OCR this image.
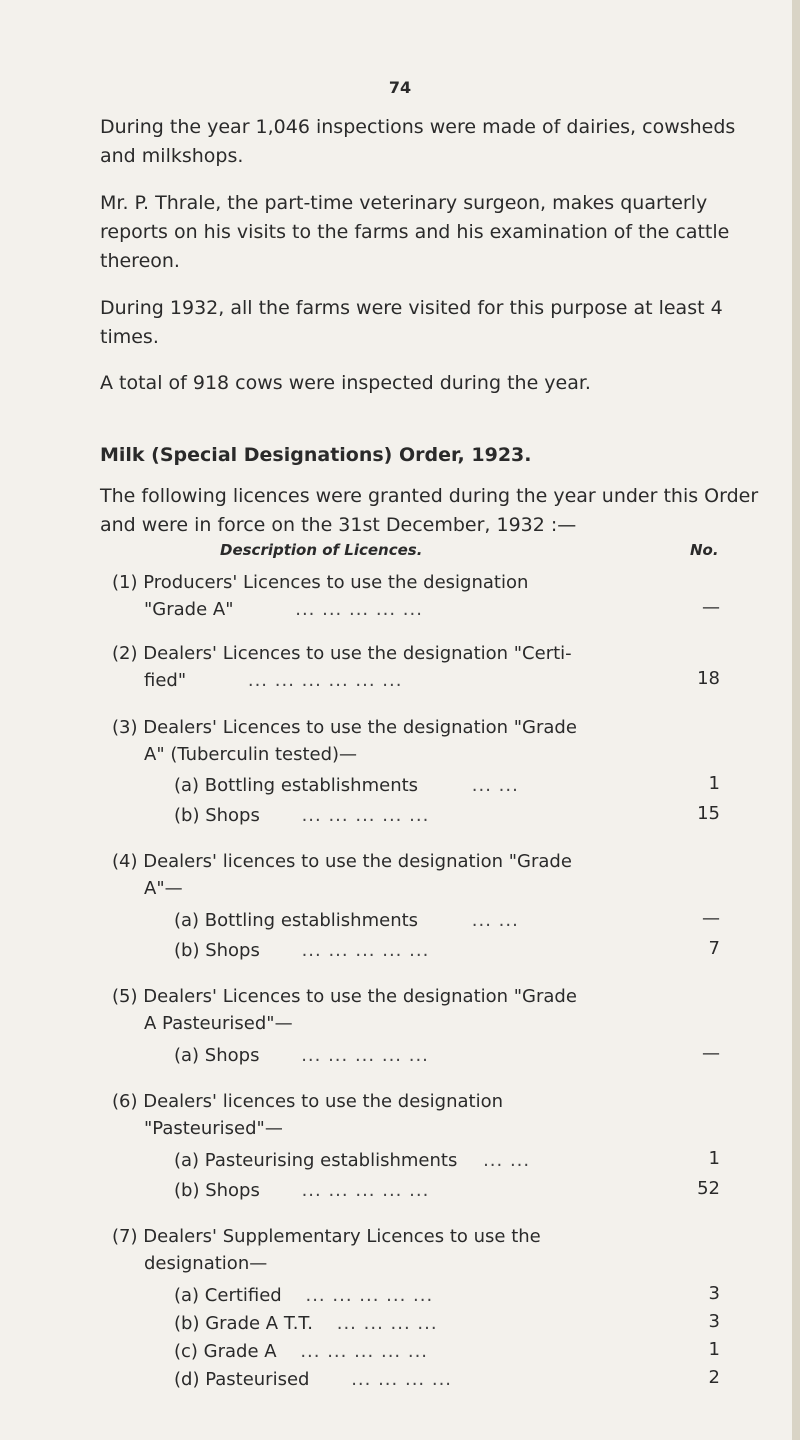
74

During the year 1,046 inspections were made of dairies, cowsheds and milkshops.

Mr. P. Thrale, the part-time veterinary surgeon, makes quarterly reports on his visits to the farms and his examination of the cattle thereon.

During 1932, all the farms were visited for this purpose at least 4 times.

A total of 918 cows were inspected during the year.

Milk (Special Designations) Order, 1923.

The following licences were granted during the year under this Order and were in force on the 31st December, 1932 :—

Description of Licences.	No.
(1) Producers' Licences to use the designation
"Grade A"	... ... ... ... ...	—
(2) Dealers' Licences to use the designation "Certi-
fied"	... ... ... ... ... ...	18
(3) Dealers' Licences to use the designation "Grade
A" (Tuberculin tested)—
(a) Bottling establishments	... ...	1
(b) Shops ... ... ... ... ...	15
(4) Dealers' licences to use the designation "Grade
A"—
(a) Bottling establishments	... ...	—
(b) Shops ... ... ... ... ...	7
(5) Dealers' Licences to use the designation "Grade
A Pasteurised"—
(a) Shops ... ... ... ... ...	—
(6) Dealers' licences to use the designation
"Pasteurised"—
(a) Pasteurising establishments ... ...	1
(b) Shops ... ... ... ... ...	52
(7) Dealers' Supplementary Licences to use the
designation—
(a) Certified ... ... ... ... ...	3
(b) Grade A T.T. ... ... ... ...	3
(c) Grade A ... ... ... ... ...	1
(d) Pasteurised ... ... ... ...	2
